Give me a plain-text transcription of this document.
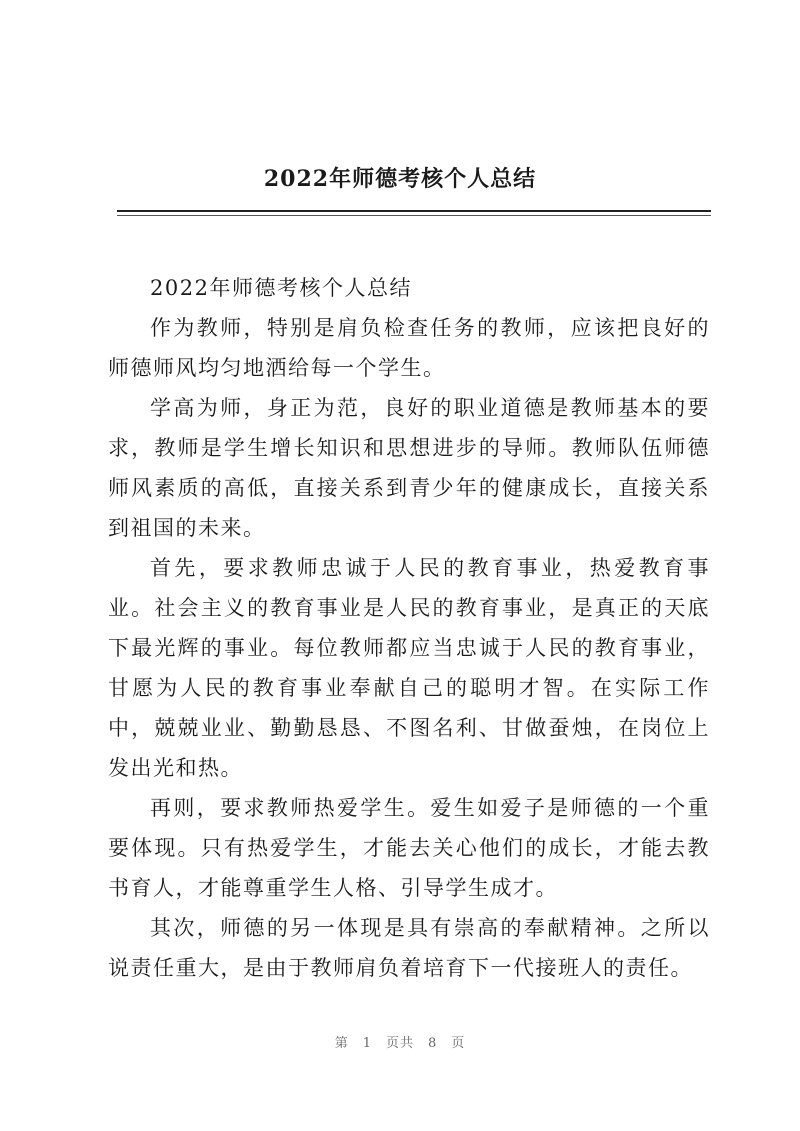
2022年师德考核个人总结

2022年师德考核个人总结

作为教师，特别是肩负检查任务的教师，应该把良好的师德师风均匀地洒给每一个学生。

学高为师，身正为范，良好的职业道德是教师基本的要求，教师是学生增长知识和思想进步的导师。教师队伍师德师风素质的高低，直接关系到青少年的健康成长，直接关系到祖国的未来。

首先，要求教师忠诚于人民的教育事业，热爱教育事业。社会主义的教育事业是人民的教育事业，是真正的天底下最光辉的事业。每位教师都应当忠诚于人民的教育事业，甘愿为人民的教育事业奉献自己的聪明才智。在实际工作中，兢兢业业、勤勤恳恳、不图名利、甘做蚕烛，在岗位上发出光和热。

再则，要求教师热爱学生。爱生如爱子是师德的一个重要体现。只有热爱学生，才能去关心他们的成长，才能去教书育人，才能尊重学生人格、引导学生成才。

其次，师德的另一体现是具有崇高的奉献精神。之所以说责任重大，是由于教师肩负着培育下一代接班人的责任。

第 1 页共 8 页
